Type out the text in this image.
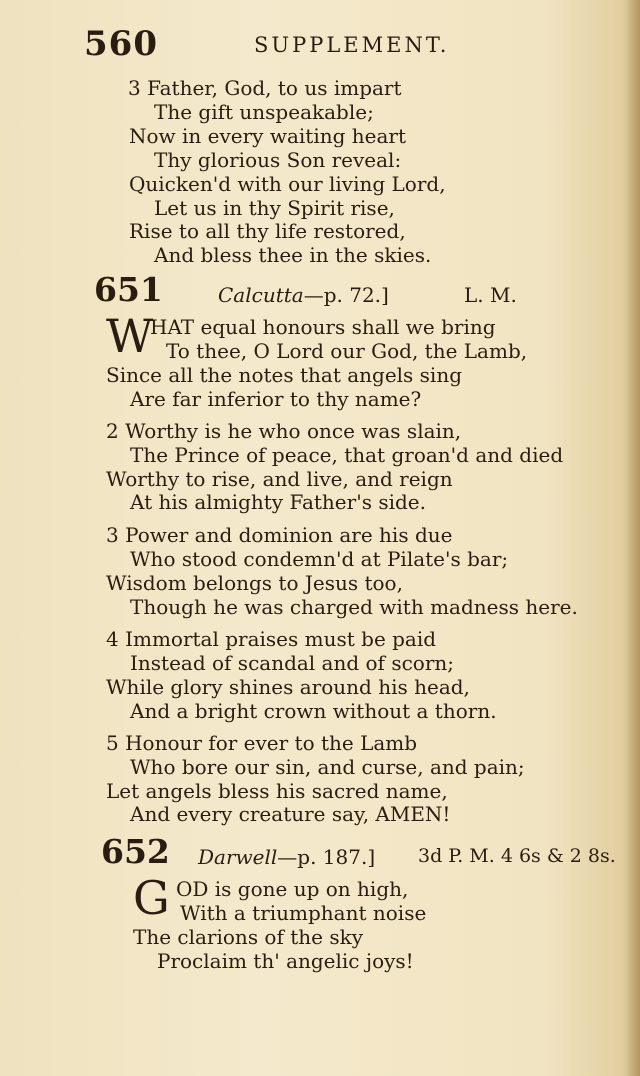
560	SUPPLEMENT.
3 Father, God, to us impart
The gift unspeakable;
Now in every waiting heart
Thy glorious Son reveal:
Quicken'd with our living Lord,
Let us in thy Spirit rise,
Rise to all thy life restored,
And bless thee in the skies.
651	Calcutta—p. 72.]	L. M.
W
HAT equal honours shall we bring
To thee, O Lord our God, the Lamb,
Since all the notes that angels sing
Are far inferior to thy name?
2 Worthy is he who once was slain,
The Prince of peace, that groan'd and died
Worthy to rise, and live, and reign
At his almighty Father's side.
3 Power and dominion are his due
Who stood condemn'd at Pilate's bar;
Wisdom belongs to Jesus too,
Though he was charged with madness here.
4 Immortal praises must be paid
Instead of scandal and of scorn;
While glory shines around his head,
And a bright crown without a thorn.
5 Honour for ever to the Lamb
Who bore our sin, and curse, and pain;
Let angels bless his sacred name,
And every creature say, AMEN!
652 Darwell—p. 187.] 3d P. M. 4 6s & 2 8s.
G OD is gone up on high,
With a triumphant noise
The clarions of the sky
Proclaim th' angelic joys!
